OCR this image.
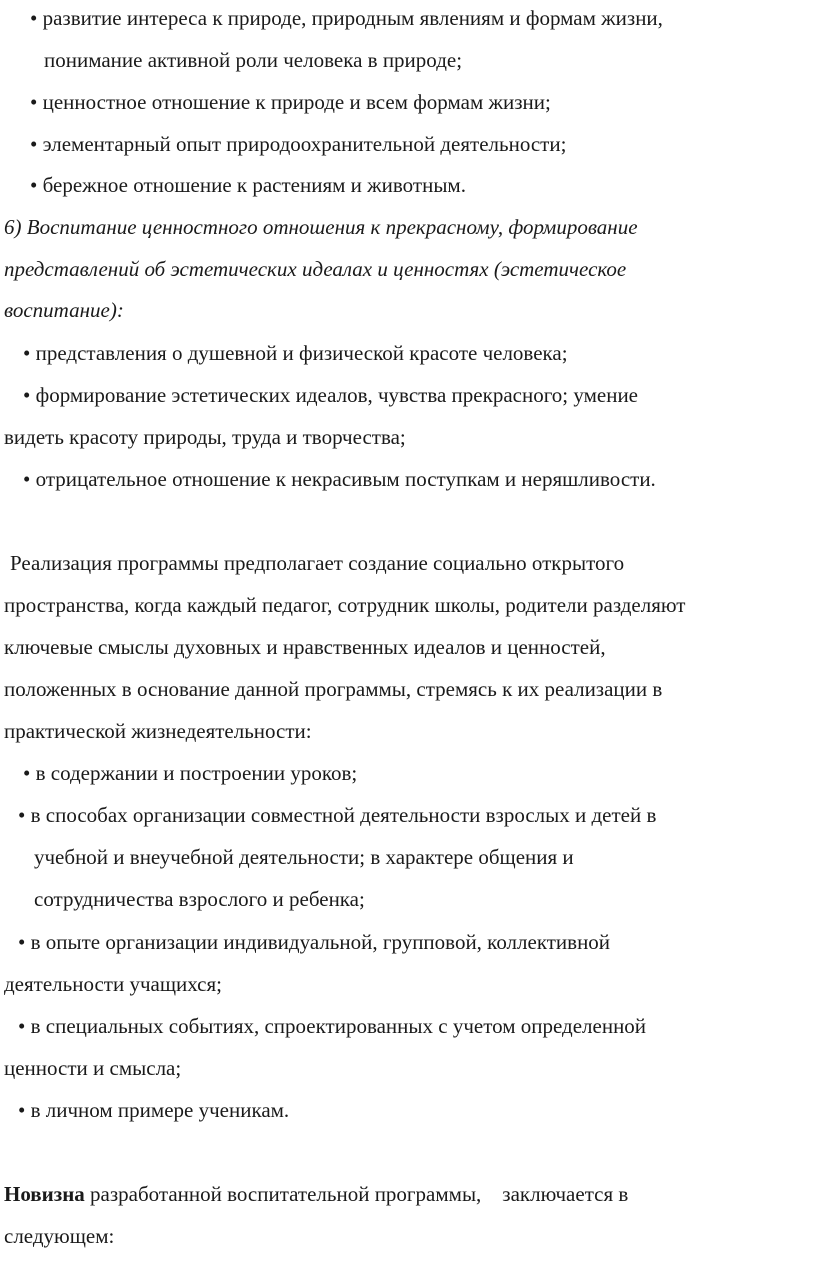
• развитие интереса к природе, природным явлениям и формам жизни,
понимание активной роли человека в природе;
• ценностное отношение к природе и всем формам жизни;
• элементарный опыт природоохранительной деятельности;
• бережное отношение к растениям и животным.
6) Воспитание ценностного отношения к прекрасному, формирование
представлений об эстетических идеалах и ценностях (эстетическое
воспитание):
• представления о душевной и физической красоте человека;
• формирование эстетических идеалов, чувства прекрасного; умение
видеть красоту природы, труда и творчества;
• отрицательное отношение к некрасивым поступкам и неряшливости.
Реализация программы предполагает создание социально открытого
пространства, когда каждый педагог, сотрудник школы, родители разделяют
ключевые смыслы духовных и нравственных идеалов и ценностей,
положенных в основание данной программы, стремясь к их реализации в
практической жизнедеятельности:
• в содержании и построении уроков;
• в способах организации совместной деятельности взрослых и детей в
учебной и внеучебной деятельности; в характере общения и
сотрудничества взрослого и ребенка;
• в опыте организации индивидуальной, групповой, коллективной
деятельности учащихся;
• в специальных событиях, спроектированных с учетом определенной
ценности и смысла;
• в личном примере ученикам.
Новизна разработанной воспитательной программы,    заключается в
следующем:
